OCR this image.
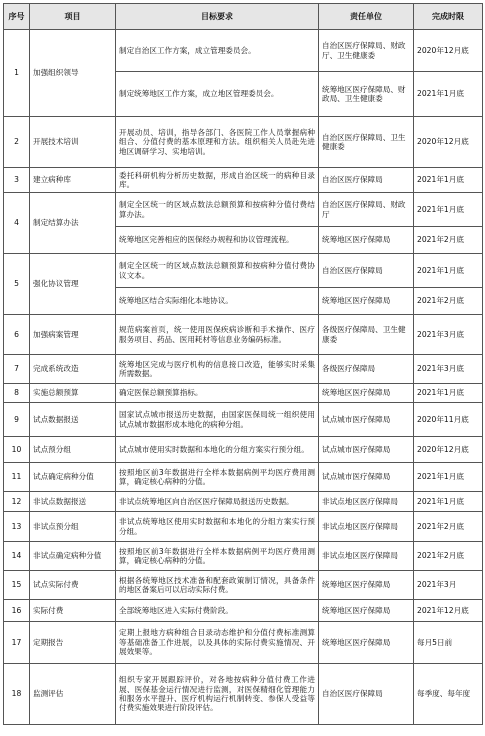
序号	项目	目标要求	责任单位	完成时限
1	加强组织领导	制定自治区工作方案，成立管理委员会。	自治区医疗保障局、财政厅、卫生健康委	2020年12月底
		制定统筹地区工作方案，成立地区管理委员会。	统筹地区医疗保障局、财政局、卫生健康委	2021年1月底
2	开展技术培训	开展动员、培训，指导各部门、各医院工作人员掌握病种组合、分值付费的基本原理和方法。组织相关人员赴先进地区调研学习、实地培训。	自治区医疗保障局、卫生健康委	2020年12月底
3	建立病种库	委托科研机构分析历史数据，形成自治区统一的病种目录库。	自治区医疗保障局	2021年1月底
4	制定结算办法	制定全区统一的区域点数法总额预算和按病种分值付费结算办法。	自治区医疗保障局、财政厅	2021年1月底
		统筹地区完善相应的医保经办规程和协议管理流程。	统筹地区医疗保障局	2021年2月底
5	强化协议管理	制定全区统一的区域点数法总额预算和按病种分值付费协议文本。	自治区医疗保障局	2021年1月底
		统筹地区结合实际细化本地协议。	统筹地区医疗保障局	2021年2月底
6	加强病案管理	规范病案首页，统一使用医保疾病诊断和手术操作、医疗服务项目、药品、医用耗材等信息业务编码标准。	各级医疗保障局、卫生健康委	2021年3月底
7	完成系统改造	统筹地区完成与医疗机构的信息接口改造，能够实时采集所需数据。	各级医疗保障局	2021年3月底
8	实施总额预算	确定医保总额预算指标。	统筹地区医疗保障局	2021年1月底
9	试点数据报送	国家试点城市报送历史数据，由国家医保局统一组织使用试点城市数据形成本地化的病种分组。	试点城市医疗保障局	2020年11月底
10	试点预分组	试点城市使用实时数据和本地化的分组方案实行预分组。	试点城市医疗保障局	2020年12月底
11	试点确定病种分值	按照地区前3年数据进行全样本数据病例平均医疗费用测算，确定核心病种的分值。	试点城市医疗保障局	2021年1月底
12	非试点数据报送	非试点统筹地区向自治区医疗保障局报送历史数据。	非试点地区医疗保障局	2021年1月底
13	非试点预分组	非试点统筹地区使用实时数据和本地化的分组方案实行预分组。	非试点地区医疗保障局	2021年2月底
14	非试点确定病种分值	按照地区前3年数据进行全样本数据病例平均医疗费用测算，确定核心病种的分值。	非试点地区医疗保障局	2021年2月底
15	试点实际付费	根据各统筹地区技术准备和配套政策制订情况，具备条件的地区备案后可以启动实际付费。	统筹地区医疗保障局	2021年3月
16	实际付费	全部统筹地区进入实际付费阶段。	统筹地区医疗保障局	2021年12月底
17	定期报告	定期上报地方病种组合目录动态维护和分值付费标准测算等基础准备工作进展，以及具体的实际付费实施情况、开展效果等。	统筹地区医疗保障局	每月5日前
18	监测评估	组织专家开展跟踪评价，对各地按病种分值付费工作进展、医保基金运行情况进行监测，对医保精细化管理能力和服务水平提升、医疗机构运行机制转变、参保人受益等付费实施效果进行阶段评估。	自治区医疗保障局	每季度、每年度
